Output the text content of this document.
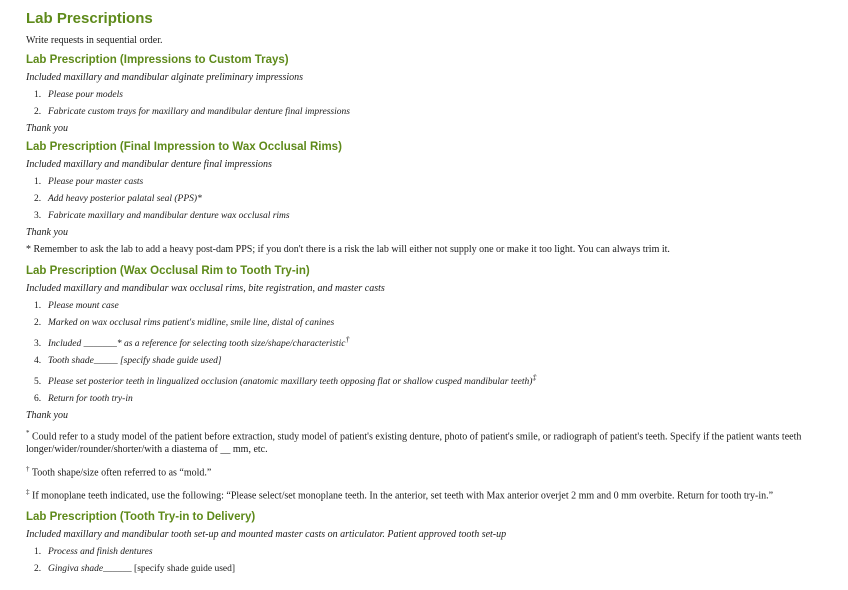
Lab Prescriptions

Write requests in sequential order.

Lab Prescription (Impressions to Custom Trays)

Included maxillary and mandibular alginate preliminary impressions

1. Please pour models
2. Fabricate custom trays for maxillary and mandibular denture final impressions

Thank you

Lab Prescription (Final Impression to Wax Occlusal Rims)

Included maxillary and mandibular denture final impressions

1. Please pour master casts
2. Add heavy posterior palatal seal (PPS)*
3. Fabricate maxillary and mandibular denture wax occlusal rims

Thank you

* Remember to ask the lab to add a heavy post-dam PPS; if you don't there is a risk the lab will either not supply one or make it too light. You can always trim it.

Lab Prescription (Wax Occlusal Rim to Tooth Try-in)

Included maxillary and mandibular wax occlusal rims, bite registration, and master casts

1. Please mount case
2. Marked on wax occlusal rims patient's midline, smile line, distal of canines
3. Included _______* as a reference for selecting tooth size/shape/characteristic†
4. Tooth shade_____ [specify shade guide used]
5. Please set posterior teeth in lingualized occlusion (anatomic maxillary teeth opposing flat or shallow cusped mandibular teeth)‡
6. Return for tooth try-in

Thank you

* Could refer to a study model of the patient before extraction, study model of patient's existing denture, photo of patient's smile, or radiograph of patient's teeth. Specify if the patient wants teeth longer/wider/rounder/shorter/with a diastema of __ mm, etc.

† Tooth shape/size often referred to as “mold.”

‡ If monoplane teeth indicated, use the following: “Please select/set monoplane teeth. In the anterior, set teeth with Max anterior overjet 2 mm and 0 mm overbite. Return for tooth try-in.”

Lab Prescription (Tooth Try-in to Delivery)

Included maxillary and mandibular tooth set-up and mounted master casts on articulator. Patient approved tooth set-up

1. Process and finish dentures
2. Gingiva shade______ [specify shade guide used]
